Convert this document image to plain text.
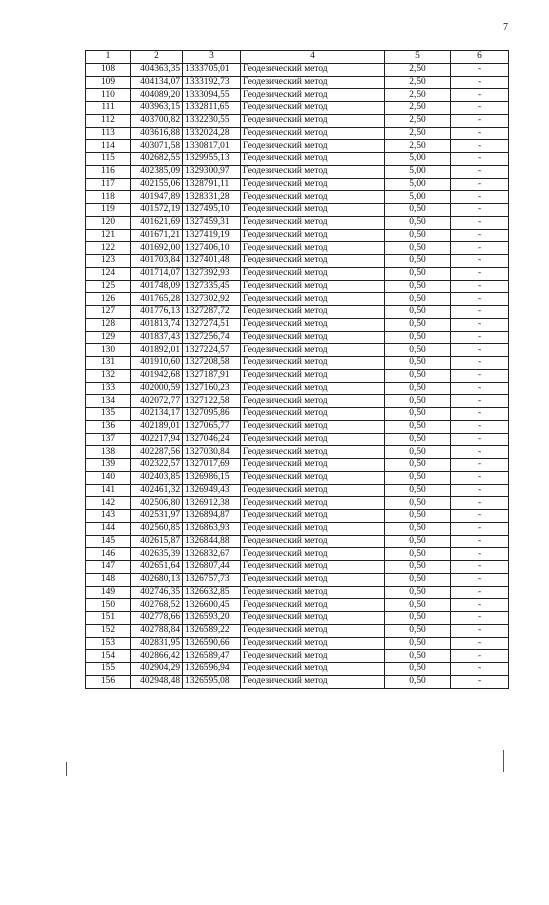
7
1	2	3	4	5	6
108	404363,35	1333705,01	Геодезический метод	2,50	-
109	404134,07	1333192,73	Геодезический метод	2,50	-
110	404089,20	1333094,55	Геодезический метод	2,50	-
111	403963,15	1332811,65	Геодезический метод	2,50	-
112	403700,82	1332230,55	Геодезический метод	2,50	-
113	403616,88	1332024,28	Геодезический метод	2,50	-
114	403071,58	1330817,01	Геодезический метод	2,50	-
115	402682,55	1329955,13	Геодезический метод	5,00	-
116	402385,09	1329300,97	Геодезический метод	5,00	-
117	402155,06	1328791,11	Геодезический метод	5,00	-
118	401947,89	1328331,28	Геодезический метод	5,00	-
119	401572,19	1327495,10	Геодезический метод	0,50	-
120	401621,69	1327459,31	Геодезический метод	0,50	-
121	401671,21	1327419,19	Геодезический метод	0,50	-
122	401692,00	1327406,10	Геодезический метод	0,50	-
123	401703,84	1327401,48	Геодезический метод	0,50	-
124	401714,07	1327392,93	Геодезический метод	0,50	-
125	401748,09	1327335,45	Геодезический метод	0,50	-
126	401765,28	1327302,92	Геодезический метод	0,50	-
127	401776,13	1327287,72	Геодезический метод	0,50	-
128	401813,74	1327274,51	Геодезический метод	0,50	-
129	401837,43	1327256,74	Геодезический метод	0,50	-
130	401892,01	1327224,57	Геодезический метод	0,50	-
131	401910,60	1327208,58	Геодезический метод	0,50	-
132	401942,68	1327187,91	Геодезический метод	0,50	-
133	402000,59	1327160,23	Геодезический метод	0,50	-
134	402072,77	1327122,58	Геодезический метод	0,50	-
135	402134,17	1327095,86	Геодезический метод	0,50	-
136	402189,01	1327065,77	Геодезический метод	0,50	-
137	402217,94	1327046,24	Геодезический метод	0,50	-
138	402287,56	1327030,84	Геодезический метод	0,50	-
139	402322,57	1327017,69	Геодезический метод	0,50	-
140	402403,85	1326986,15	Геодезический метод	0,50	-
141	402461,32	1326949,43	Геодезический метод	0,50	-
142	402506,80	1326912,38	Геодезический метод	0,50	-
143	402531,97	1326894,87	Геодезический метод	0,50	-
144	402560,85	1326863,93	Геодезический метод	0,50	-
145	402615,87	1326844,88	Геодезический метод	0,50	-
146	402635,39	1326832,67	Геодезический метод	0,50	-
147	402651,64	1326807,44	Геодезический метод	0,50	-
148	402680,13	1326757,73	Геодезический метод	0,50	-
149	402746,35	1326632,85	Геодезический метод	0,50	-
150	402768,52	1326600,45	Геодезический метод	0,50	-
151	402778,66	1326593,20	Геодезический метод	0,50	-
152	402788,84	1326589,22	Геодезический метод	0,50	-
153	402831,95	1326590,66	Геодезический метод	0,50	-
154	402866,42	1326589,47	Геодезический метод	0,50	-
155	402904,29	1326596,94	Геодезический метод	0,50	-
156	402948,48	1326595,08	Геодезический метод	0,50	-
